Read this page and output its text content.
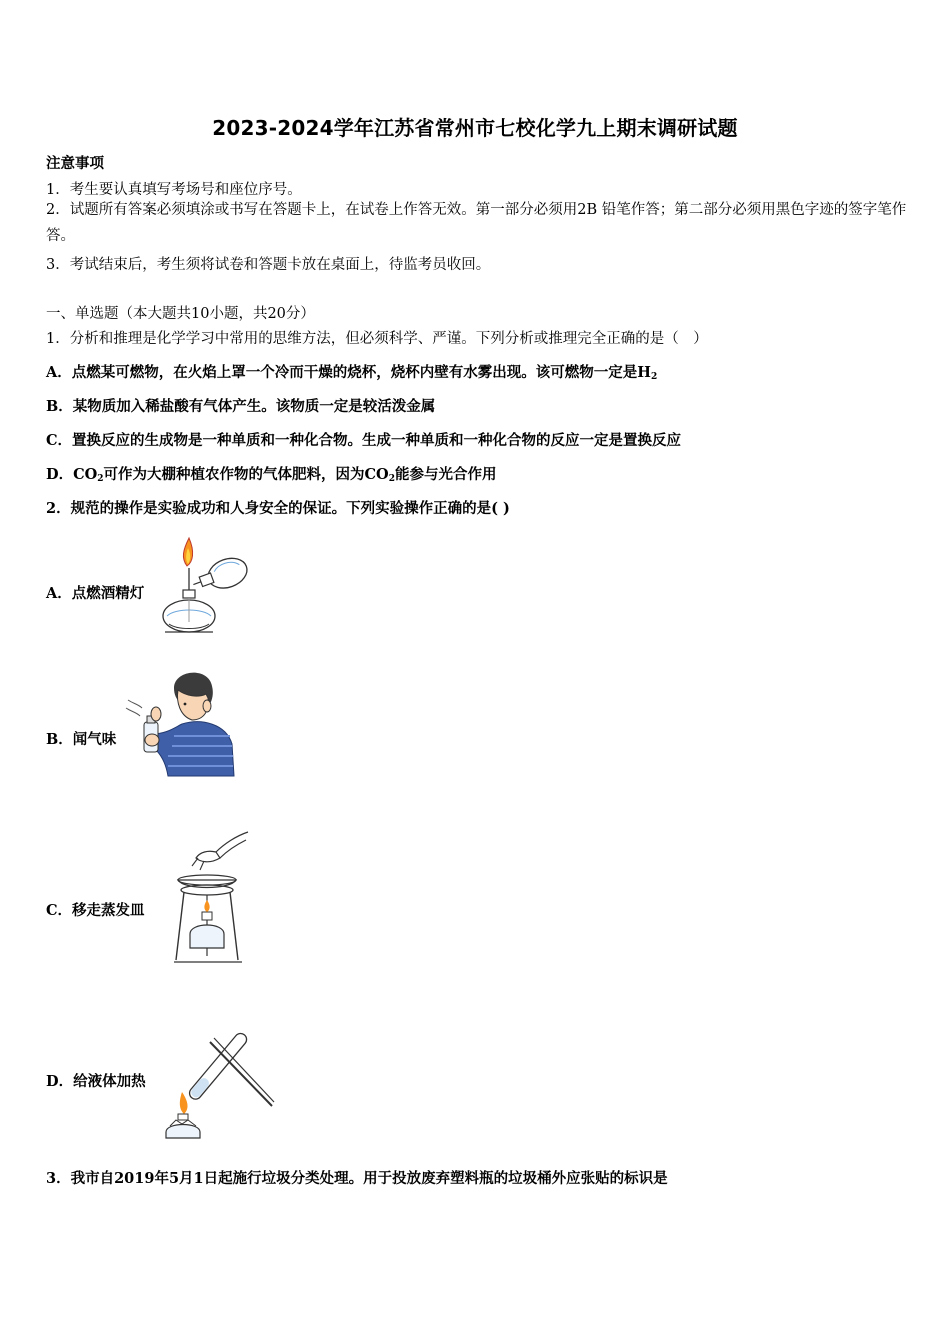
2023-2024学年江苏省常州市七校化学九上期末调研试题
注意事项
1．考生要认真填写考场号和座位序号。
2．试题所有答案必须填涂或书写在答题卡上，在试卷上作答无效。第一部分必须用2B 铅笔作答；第二部分必须用黑色字迹的签字笔作答。
3．考试结束后，考生须将试卷和答题卡放在桌面上，待监考员收回。
一、单选题（本大题共10小题，共20分）
1．分析和推理是化学学习中常用的思维方法，但必须科学、严谨。下列分析或推理完全正确的是（　）
A．点燃某可燃物，在火焰上罩一个冷而干燥的烧杯，烧杯内壁有水雾出现。该可燃物一定是$H_2$
B．某物质加入稀盐酸有气体产生。该物质一定是较活泼金属
C．置换反应的生成物是一种单质和一种化合物。生成一种单质和一种化合物的反应一定是置换反应
D．$CO_2$可作为大棚种植农作物的气体肥料，因为$CO_2$能参与光合作用
2．规范的操作是实验成功和人身安全的保证。下列实验操作正确的是( )
A．点燃酒精灯
B．闻气味
C．移走蒸发皿
D．给液体加热
3．我市自2019年5月1日起施行垃圾分类处理。用于投放废弃塑料瓶的垃圾桶外应张贴的标识是
